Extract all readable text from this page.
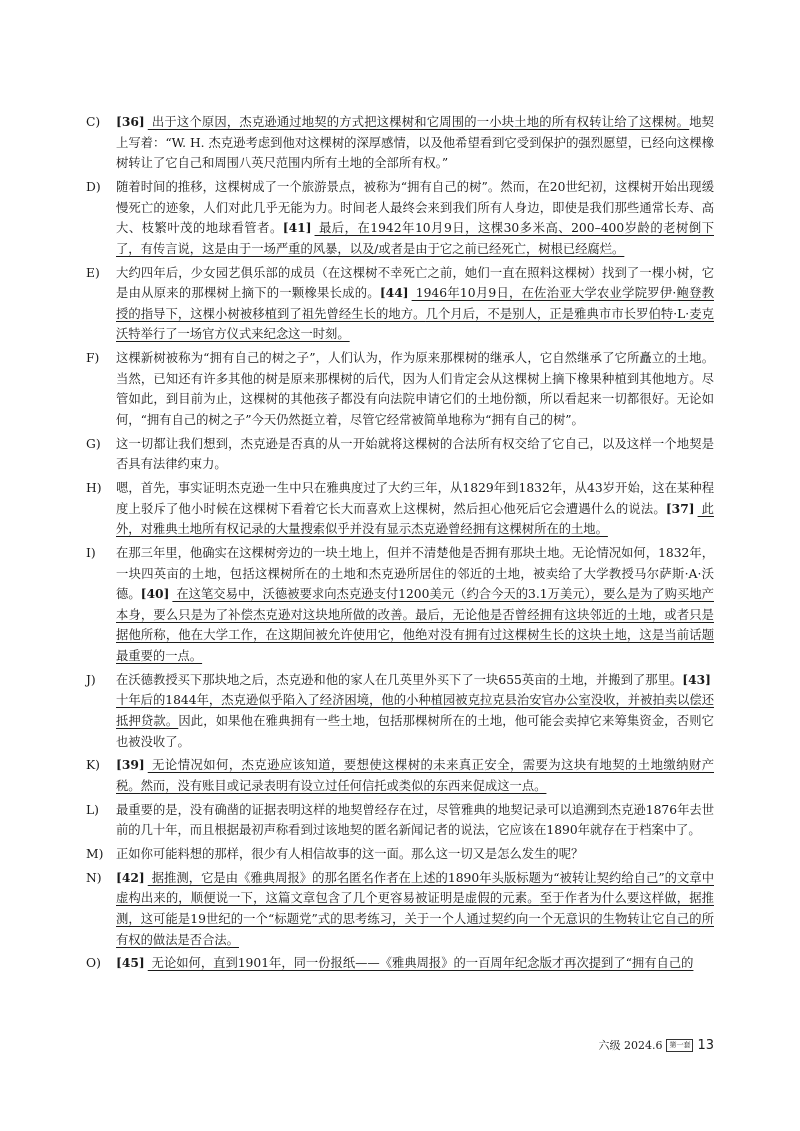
C)	[36] 出于这个原因，杰克逊通过地契的方式把这棵树和它周围的一小块土地的所有权转让给了这棵树。地契上写着：“W. H. 杰克逊考虑到他对这棵树的深厚感情，以及他希望看到它受到保护的强烈愿望，已经向这棵橡树转让了它自己和周围八英尺范围内所有土地的全部所有权。”
D)	随着时间的推移，这棵树成了一个旅游景点，被称为“拥有自己的树”。然而，在20世纪初，这棵树开始出现缓慢死亡的迹象，人们对此几乎无能为力。时间老人最终会来到我们所有人身边，即使是我们那些通常长寿、高大、枝繁叶茂的地球看管者。[41] 最后，在1942年10月9日，这棵30多米高、200–400岁龄的老树倒下了，有传言说，这是由于一场严重的风暴，以及/或者是由于它之前已经死亡，树根已经腐烂。
E)	大约四年后，少女园艺俱乐部的成员（在这棵树不幸死亡之前，她们一直在照料这棵树）找到了一棵小树，它是由从原来的那棵树上摘下的一颗橡果长成的。[44] 1946年10月9日，在佐治亚大学农业学院罗伊·鲍登教授的指导下，这棵小树被移植到了祖先曾经生长的地方。几个月后，不是别人，正是雅典市市长罗伯特·L·麦克沃特举行了一场官方仪式来纪念这一时刻。
F)	这棵新树被称为“拥有自己的树之子”，人们认为，作为原来那棵树的继承人，它自然继承了它所矗立的土地。当然，已知还有许多其他的树是原来那棵树的后代，因为人们肯定会从这棵树上摘下橡果种植到其他地方。尽管如此，到目前为止，这棵树的其他孩子都没有向法院申请它们的土地份额，所以看起来一切都很好。无论如何，“拥有自己的树之子”今天仍然挺立着，尽管它经常被简单地称为“拥有自己的树”。
G)	这一切都让我们想到，杰克逊是否真的从一开始就将这棵树的合法所有权交给了它自己，以及这样一个地契是否具有法律约束力。
H)	嗯，首先，事实证明杰克逊一生中只在雅典度过了大约三年，从1829年到1832年，从43岁开始，这在某种程度上驳斥了他小时候在这棵树下看着它长大而喜欢上这棵树，然后担心他死后它会遭遇什么的说法。[37] 此外，对雅典土地所有权记录的大量搜索似乎并没有显示杰克逊曾经拥有这棵树所在的土地。
I)	在那三年里，他确实在这棵树旁边的一块土地上，但并不清楚他是否拥有那块土地。无论情况如何，1832年，一块四英亩的土地，包括这棵树所在的土地和杰克逊所居住的邻近的土地，被卖给了大学教授马尔萨斯·A·沃德。[40] 在这笔交易中，沃德被要求向杰克逊支付1200美元（约合今天的3.1万美元），要么是为了购买地产本身，要么只是为了补偿杰克逊对这块地所做的改善。最后，无论他是否曾经拥有这块邻近的土地，或者只是据他所称，他在大学工作，在这期间被允许使用它，他绝对没有拥有过这棵树生长的这块土地，这是当前话题最重要的一点。
J)	在沃德教授买下那块地之后，杰克逊和他的家人在几英里外买下了一块655英亩的土地，并搬到了那里。[43] 十年后的1844年，杰克逊似乎陷入了经济困境，他的小种植园被克拉克县治安官办公室没收，并被拍卖以偿还抵押贷款。因此，如果他在雅典拥有一些土地，包括那棵树所在的土地，他可能会卖掉它来筹集资金，否则它也被没收了。
K)	[39] 无论情况如何，杰克逊应该知道，要想使这棵树的未来真正安全，需要为这块有地契的土地缴纳财产税。然而，没有账目或记录表明有设立过任何信托或类似的东西来促成这一点。
L)	最重要的是，没有确凿的证据表明这样的地契曾经存在过，尽管雅典的地契记录可以追溯到杰克逊1876年去世前的几十年，而且根据最初声称看到过该地契的匿名新闻记者的说法，它应该在1890年就存在于档案中了。
M)	正如你可能料想的那样，很少有人相信故事的这一面。那么这一切又是怎么发生的呢？
N)	[42] 据推测，它是由《雅典周报》的那名匿名作者在上述的1890年头版标题为“被转让契约给自己”的文章中虚构出来的，顺便说一下，这篇文章包含了几个更容易被证明是虚假的元素。至于作者为什么要这样做，据推测，这可能是19世纪的一个“标题党”式的思考练习，关于一个人通过契约向一个无意识的生物转让它自己的所有权的做法是否合法。
O)	[45] 无论如何，直到1901年，同一份报纸——《雅典周报》的一百周年纪念版才再次提到了“拥有自己的
六级 2024.6	第一套 13
